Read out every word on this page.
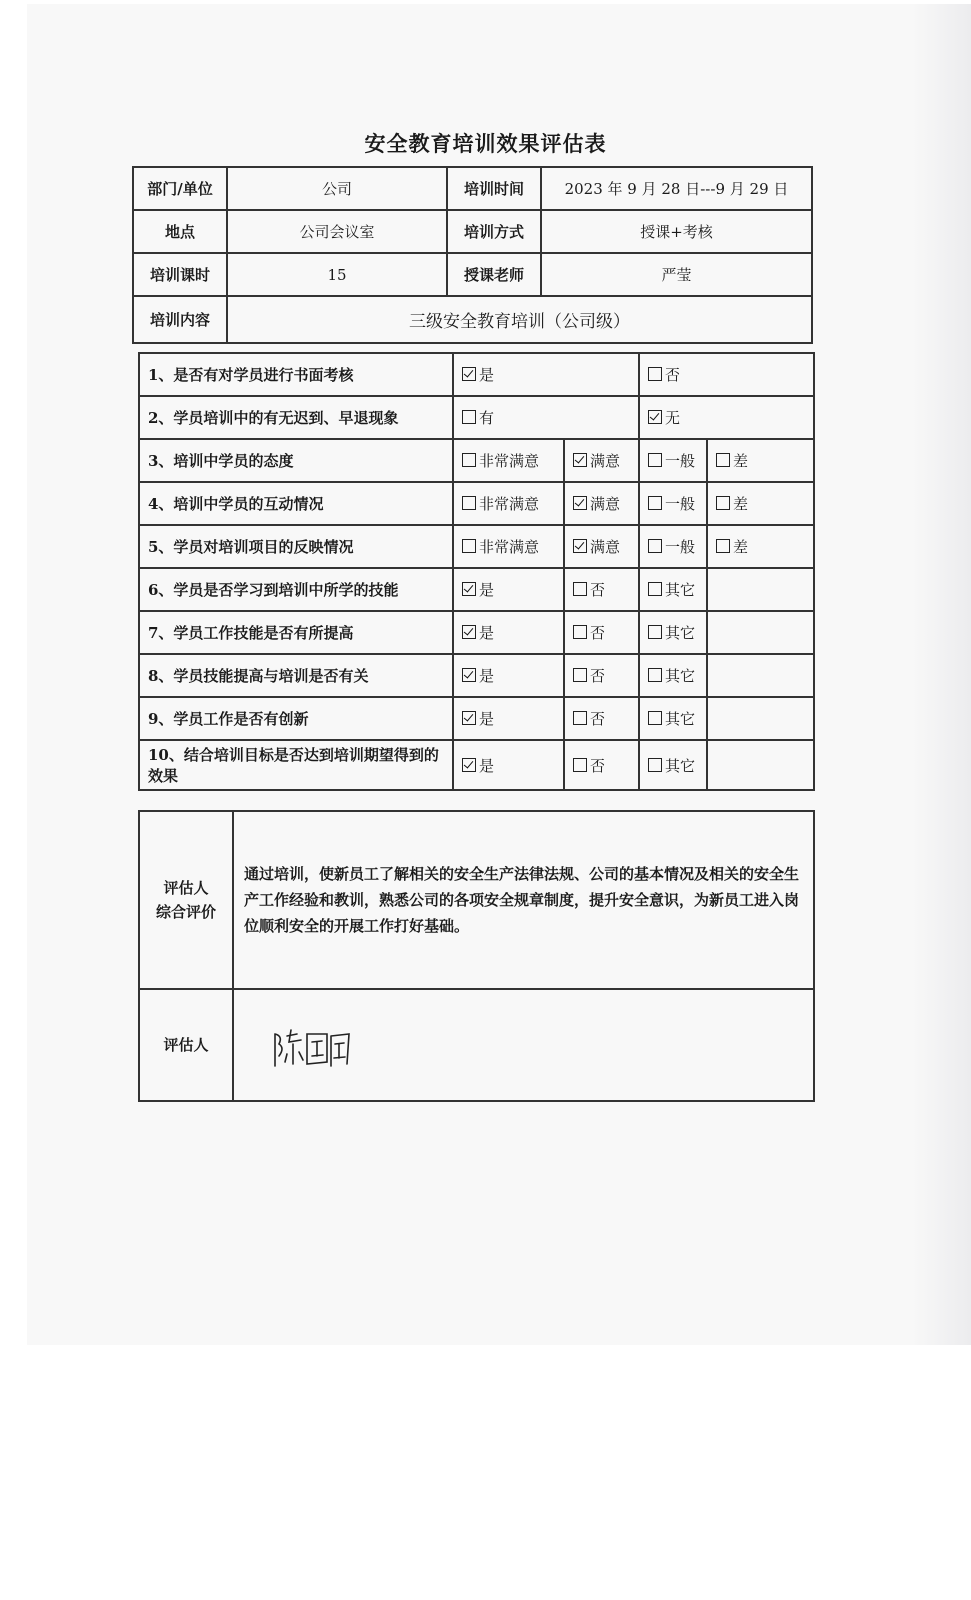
安全教育培训效果评估表
部门/单位	公司	培训时间	2023 年 9 月 28 日---9 月 29 日
地点	公司会议室	培训方式	授课+考核
培训课时	15	授课老师	严莹
培训内容	三级安全教育培训（公司级）		
1、是否有对学员进行书面考核	是		否	
2、学员培训中的有无迟到、早退现象	有		无	
3、培训中学员的态度	非常满意	满意	一般	差
4、培训中学员的互动情况	非常满意	满意	一般	差
5、学员对培训项目的反映情况	非常满意	满意	一般	差
6、学员是否学习到培训中所学的技能	是	否	其它	
7、学员工作技能是否有所提高	是	否	其它	
8、学员技能提高与培训是否有关	是	否	其它	
9、学员工作是否有创新	是	否	其它	
10、结合培训目标是否达到培训期望得到的效果	是	否	其它	
评估人
综合评价	通过培训，使新员工了解相关的安全生产法律法规、公司的基本情况及相关的安全生产工作经验和教训，熟悉公司的各项安全规章制度，提升安全意识，为新员工进入岗位顺利安全的开展工作打好基础。
评估人	
